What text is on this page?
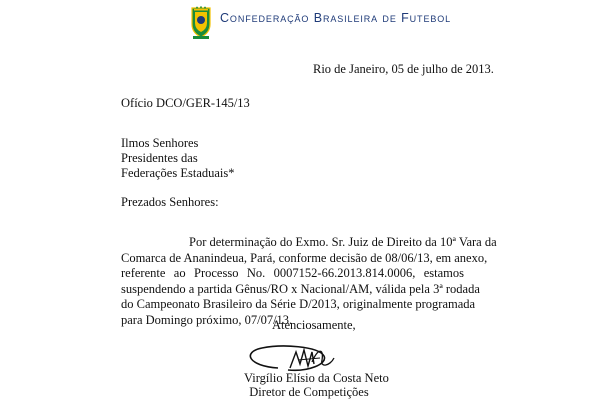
Confederação Brasileira de Futebol
Rio de Janeiro, 05 de julho de 2013.
Ofício DCO/GER-145/13
Ilmos Senhores
Presidentes das
Federações Estaduais*
Prezados Senhores:
Por determinação do Exmo. Sr. Juiz de Direito da 10ª Vara da
Comarca de Ananindeua, Pará, conforme decisão de 08/06/13, em anexo,
referente ao Processo No. 0007152-66.2013.814.0006, estamos
suspendendo a partida Gênus/RO x Nacional/AM, válida pela 3ª rodada
do Campeonato Brasileiro da Série D/2013, originalmente programada
para Domingo próximo, 07/07/13.
Atenciosamente,
Virgílio Elísio da Costa Neto
Diretor de Competições
